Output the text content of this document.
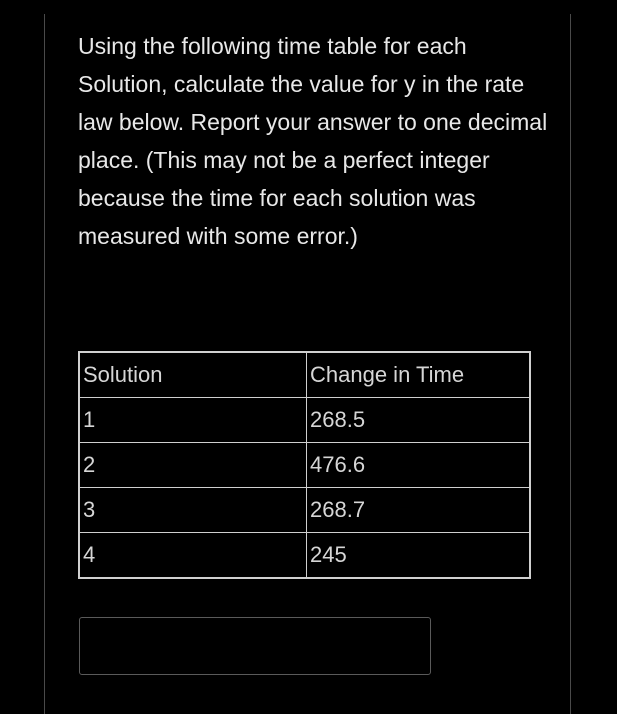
Using the following time table for each Solution, calculate the value for y in the rate law below. Report your answer to one decimal place. (This may not be a perfect integer because the time for each solution was measured with some error.)

Solution	Change in Time
1	268.5
2	476.6
3	268.7
4	245
